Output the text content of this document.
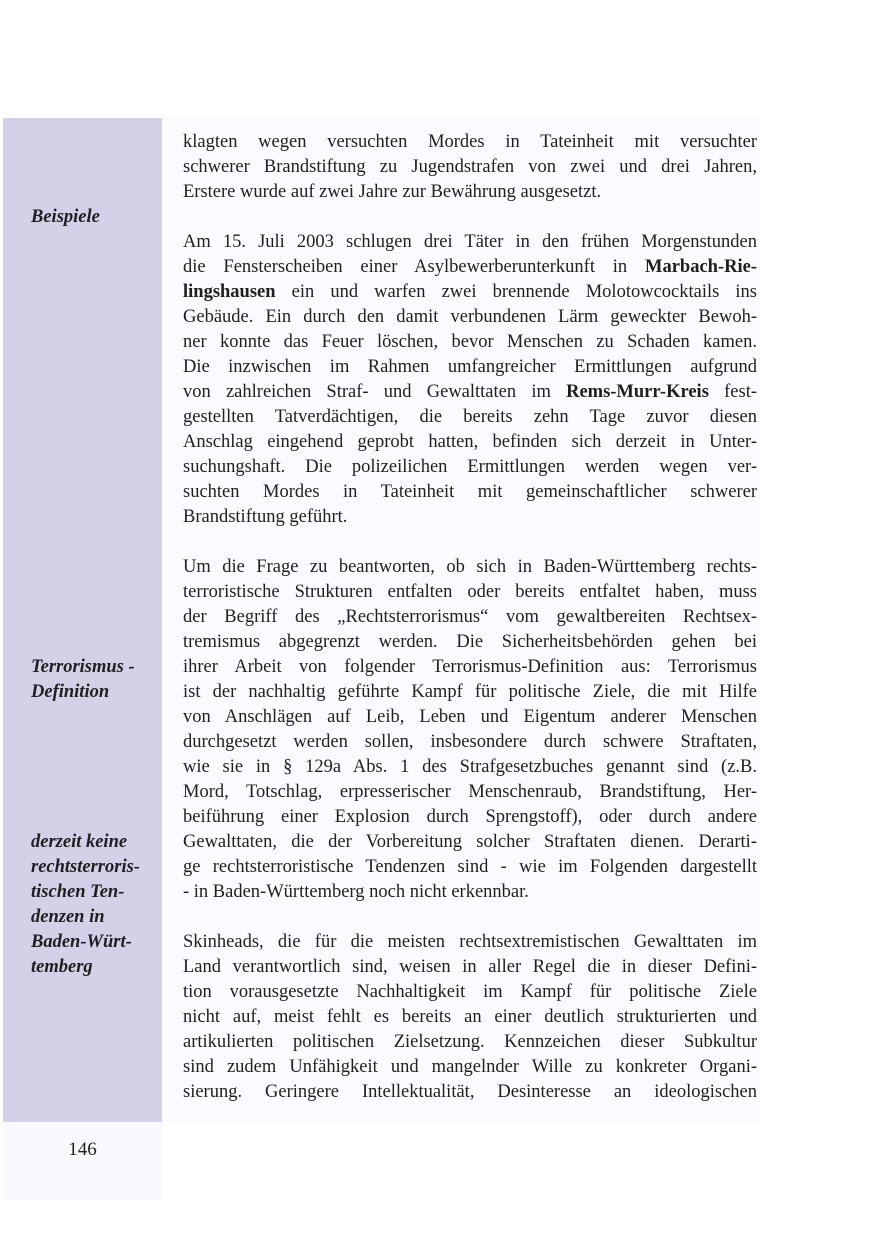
146
Beispiele
Terrorismus -
Definition
derzeit keine
rechtsterroris-
tischen Ten-
denzen in
Baden-Würt-
temberg
klagten wegen versuchten Mordes in Tateinheit mit versuchter
schwerer Brandstiftung zu Jugendstrafen von zwei und drei Jahren,
Erstere wurde auf zwei Jahre zur Bewährung ausgesetzt.
Am 15. Juli 2003 schlugen drei Täter in den frühen Morgenstunden
die Fensterscheiben einer Asylbewerberunterkunft in Marbach-Rie-
lingshausen ein und warfen zwei brennende Molotowcocktails ins
Gebäude. Ein durch den damit verbundenen Lärm geweckter Bewoh-
ner konnte das Feuer löschen, bevor Menschen zu Schaden kamen.
Die inzwischen im Rahmen umfangreicher Ermittlungen aufgrund
von zahlreichen Straf- und Gewalttaten im Rems-Murr-Kreis fest-
gestellten Tatverdächtigen, die bereits zehn Tage zuvor diesen
Anschlag eingehend geprobt hatten, befinden sich derzeit in Unter-
suchungshaft. Die polizeilichen Ermittlungen werden wegen ver-
suchten Mordes in Tateinheit mit gemeinschaftlicher schwerer
Brandstiftung geführt.
Um die Frage zu beantworten, ob sich in Baden-Württemberg rechts-
terroristische Strukturen entfalten oder bereits entfaltet haben, muss
der Begriff des „Rechtsterrorismus“ vom gewaltbereiten Rechtsex-
tremismus abgegrenzt werden. Die Sicherheitsbehörden gehen bei
ihrer Arbeit von folgender Terrorismus-Definition aus: Terrorismus
ist der nachhaltig geführte Kampf für politische Ziele, die mit Hilfe
von Anschlägen auf Leib, Leben und Eigentum anderer Menschen
durchgesetzt werden sollen, insbesondere durch schwere Straftaten,
wie sie in § 129a Abs. 1 des Strafgesetzbuches genannt sind (z.B.
Mord, Totschlag, erpresserischer Menschenraub, Brandstiftung, Her-
beiführung einer Explosion durch Sprengstoff), oder durch andere
Gewalttaten, die der Vorbereitung solcher Straftaten dienen. Derarti-
ge rechtsterroristische Tendenzen sind - wie im Folgenden dargestellt
- in Baden-Württemberg noch nicht erkennbar.
Skinheads, die für die meisten rechtsextremistischen Gewalttaten im
Land verantwortlich sind, weisen in aller Regel die in dieser Defini-
tion vorausgesetzte Nachhaltigkeit im Kampf für politische Ziele
nicht auf, meist fehlt es bereits an einer deutlich strukturierten und
artikulierten politischen Zielsetzung. Kennzeichen dieser Subkultur
sind zudem Unfähigkeit und mangelnder Wille zu konkreter Organi-
sierung. Geringere Intellektualität, Desinteresse an ideologischen
